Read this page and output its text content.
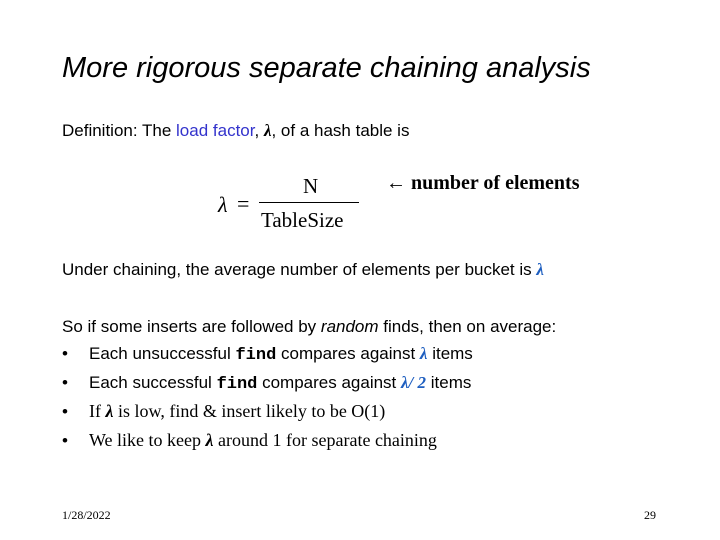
More rigorous separate chaining analysis
Definition: The load factor, λ, of a hash table is
λ =
N
TableSize
← number of elements
Under chaining, the average number of elements per bucket is λ
So if some inserts are followed by random finds, then on average:
• Each unsuccessful find compares against λ items
• Each successful find compares against λ/ 2 items
• If λ is low, find & insert likely to be O(1)
• We like to keep λ around 1 for separate chaining
1/28/2022	29
